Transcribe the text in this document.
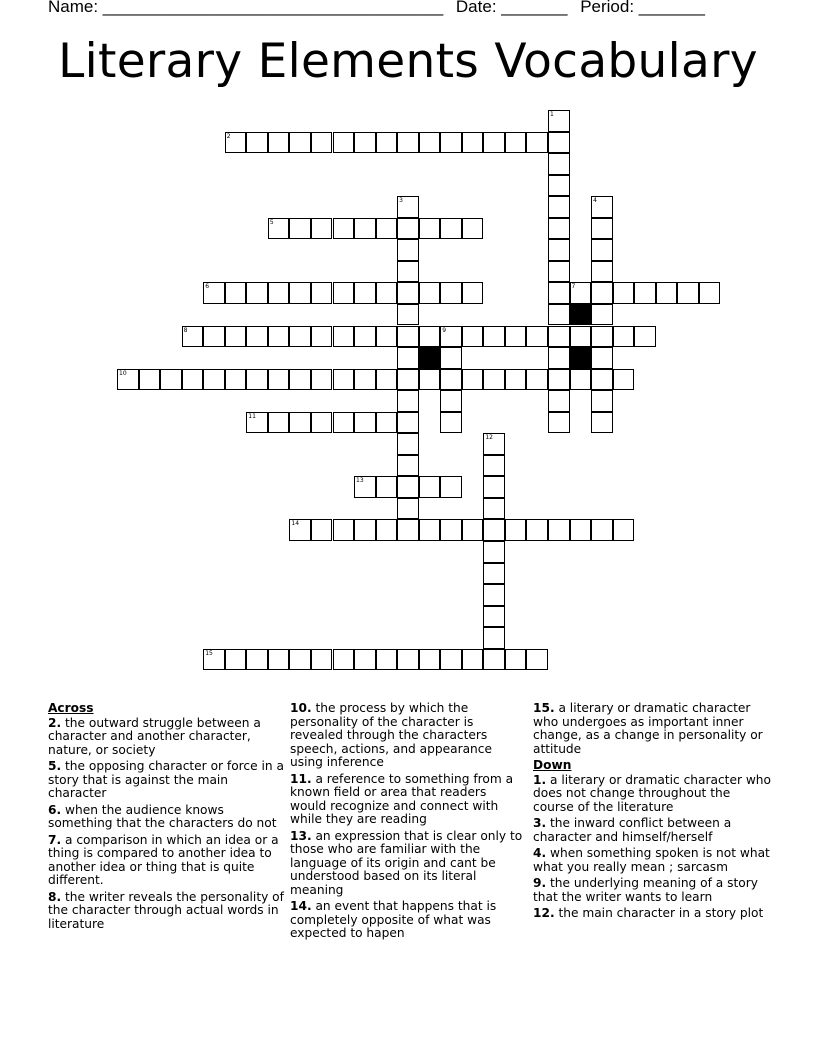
Name: ____________________________________ Date: _______ Period: _______
Literary Elements Vocabulary
2
5
6	7
8	9
10
11
13
14
15
1
3	4
12
Across
2. the outward struggle between a character and another character, nature, or society
5. the opposing character or force in a story that is against the main character
6. when the audience knows something that the characters do not
7. a comparison in which an idea or a thing is compared to another idea to another idea or thing that is quite different.
8. the writer reveals the personality of the character through actual words in literature
10. the process by which the personality of the character is revealed through the characters speech, actions, and appearance using inference
11. a reference to something from a known field or area that readers would recognize and connect with while they are reading
13. an expression that is clear only to those who are familiar with the language of its origin and cant be understood based on its literal meaning
14. an event that happens that is completely opposite of what was expected to hapen
15. a literary or dramatic character who undergoes as important inner change, as a change in personality or attitude
Down
1. a literary or dramatic character who does not change throughout the course of the literature
3. the inward conflict between a character and himself/herself
4. when something spoken is not what what you really mean ; sarcasm
9. the underlying meaning of a story that the writer wants to learn
12. the main character in a story plot
